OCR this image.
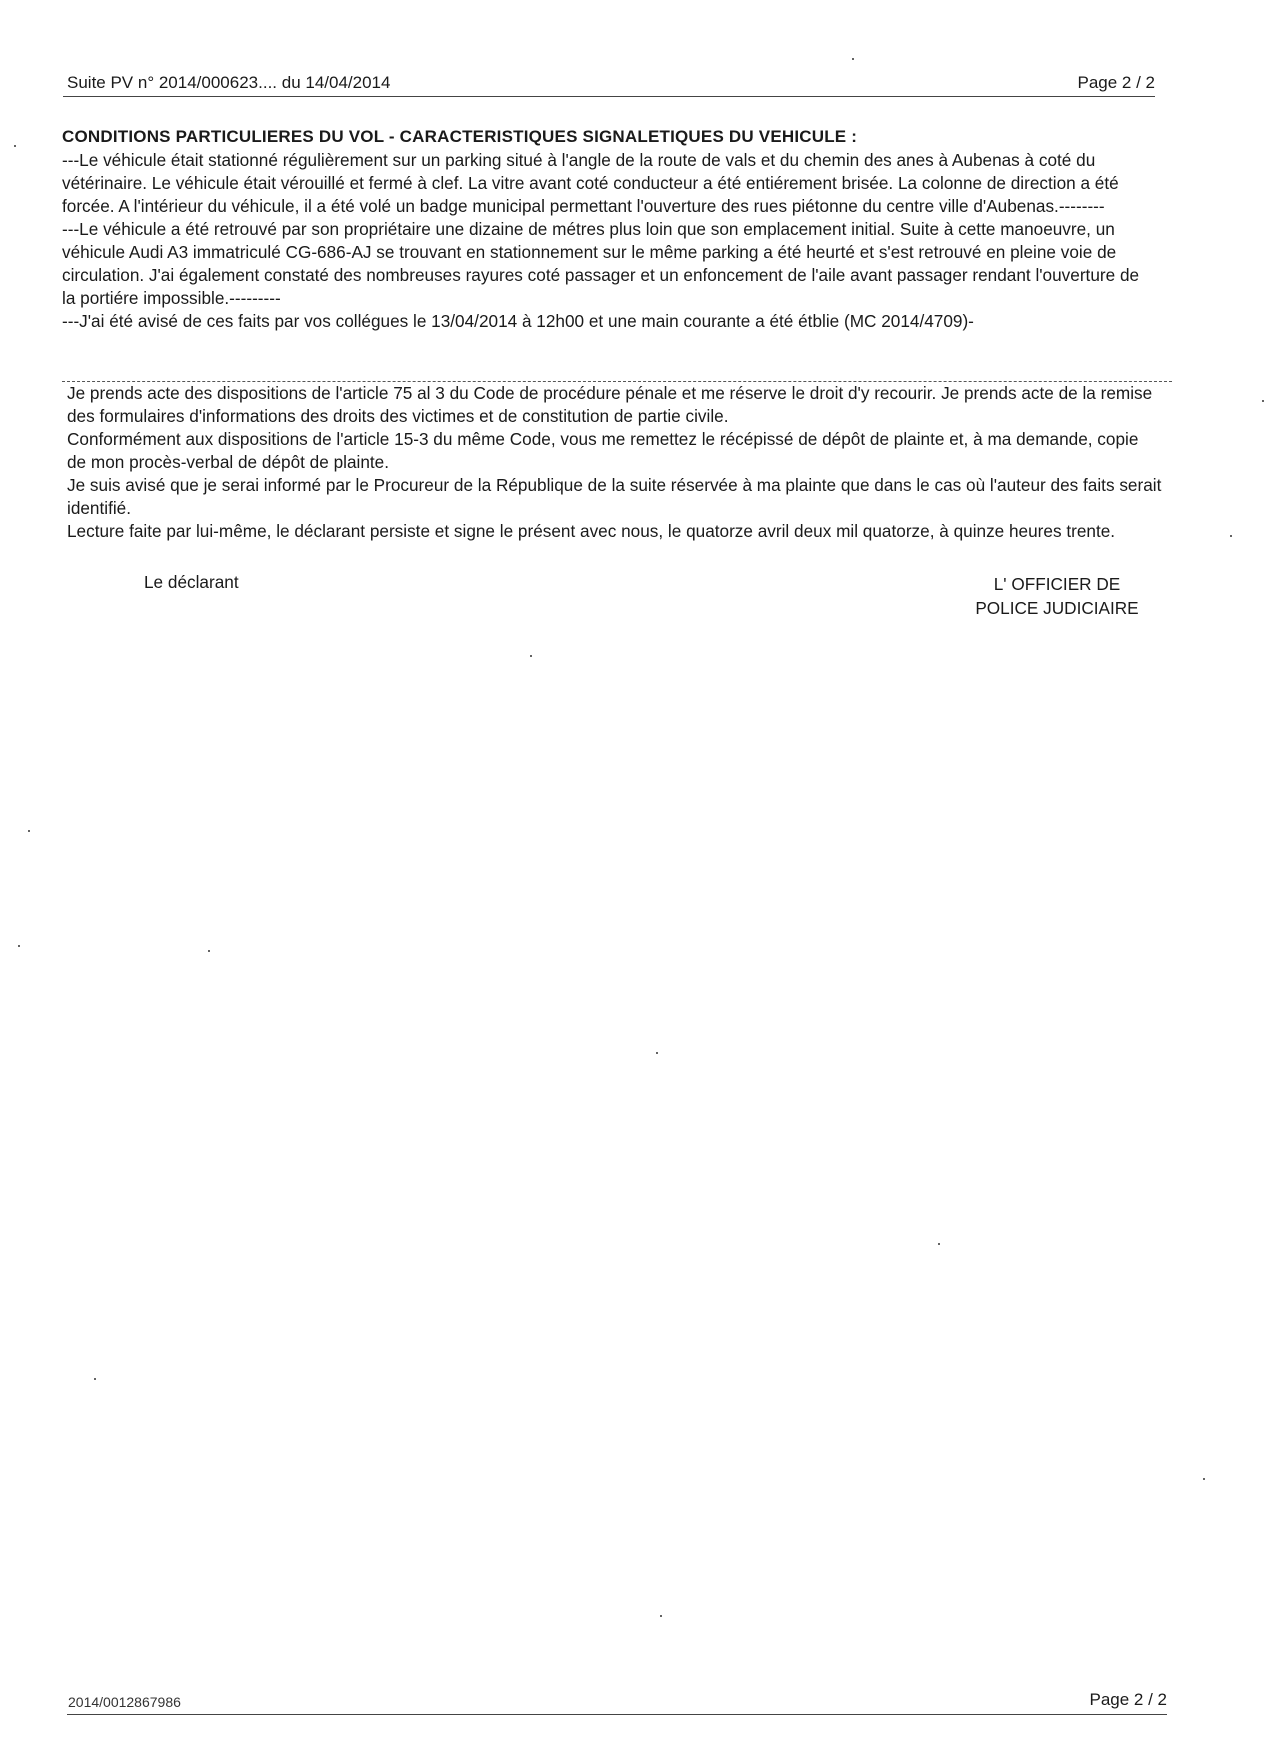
Suite PV n° 2014/000623.... du 14/04/2014	Page 2 / 2
CONDITIONS PARTICULIERES DU VOL - CARACTERISTIQUES SIGNALETIQUES DU VEHICULE :

---Le véhicule était stationné régulièrement sur un parking situé à l'angle de la route de vals et du chemin des anes à Aubenas à coté du vétérinaire. Le véhicule était vérouillé et fermé à clef. La vitre avant coté conducteur a été entiérement brisée. La colonne de direction a été forcée. A l'intérieur du véhicule, il a été volé un badge municipal permettant l'ouverture des rues piétonne du centre ville d'Aubenas.--------

---Le véhicule a été retrouvé par son propriétaire une dizaine de métres plus loin que son emplacement initial. Suite à cette manoeuvre, un véhicule Audi A3 immatriculé CG-686-AJ se trouvant en stationnement sur le même parking a été heurté et s'est retrouvé en pleine voie de circulation. J'ai également constaté des nombreuses rayures coté passager et un enfoncement de l'aile avant passager rendant l'ouverture de la portiére impossible.---------

---J'ai été avisé de ces faits par vos collégues le 13/04/2014 à 12h00 et une main courante a été étblie (MC 2014/4709)-

Je prends acte des dispositions de l'article 75 al 3 du Code de procédure pénale et me réserve le droit d'y recourir. Je prends acte de la remise des formulaires d'informations des droits des victimes et de constitution de partie civile.

Conformément aux dispositions de l'article 15-3 du même Code, vous me remettez le récépissé de dépôt de plainte et, à ma demande, copie de mon procès-verbal de dépôt de plainte.

Je suis avisé que je serai informé par le Procureur de la République de la suite réservée à ma plainte que dans le cas où l'auteur des faits serait identifié.

Lecture faite par lui-même, le déclarant persiste et signe le présent avec nous, le quatorze avril deux mil quatorze, à quinze heures trente.

Le déclarant	L' OFFICIER DE
POLICE JUDICIAIRE
2014/0012867986	Page 2 / 2
